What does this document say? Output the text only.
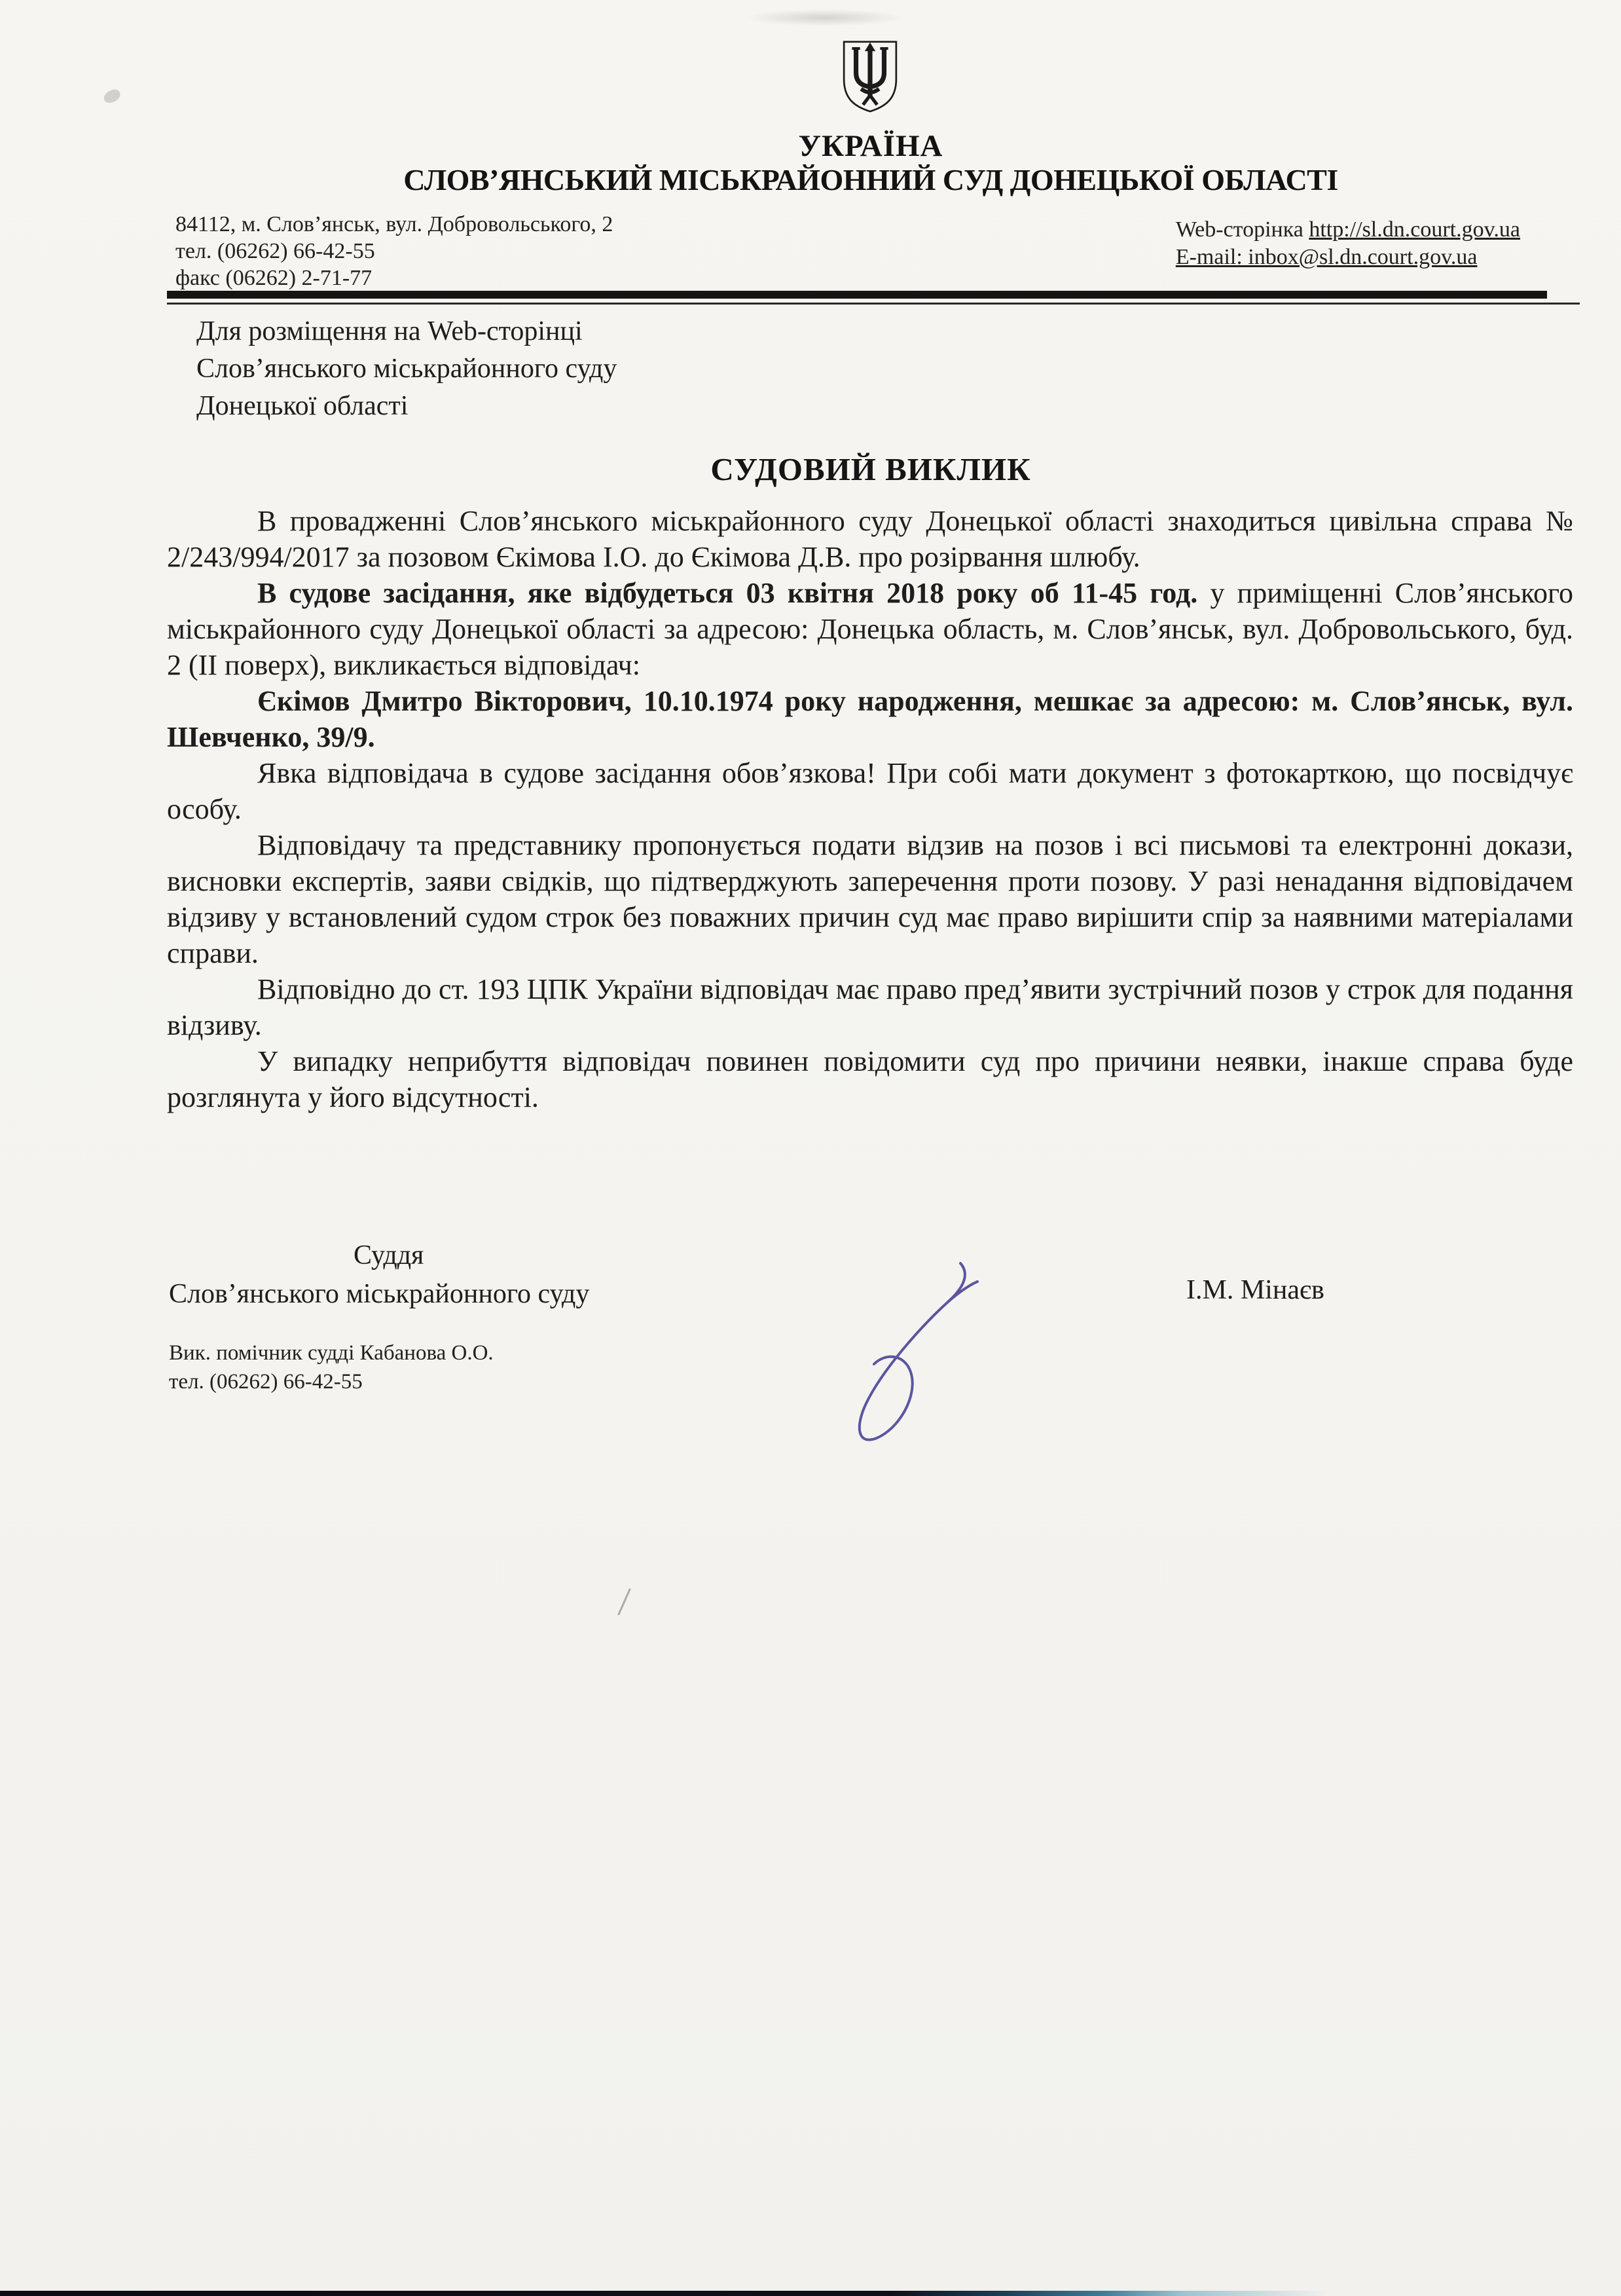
УКРАЇНА
СЛОВ’ЯНСЬКИЙ МІСЬКРАЙОННИЙ СУД ДОНЕЦЬКОЇ ОБЛАСТІ
84112, м. Слов’янськ, вул. Добровольського, 2
тел. (06262) 66-42-55
факс (06262) 2-71-77
Web-сторінка http://sl.dn.court.gov.ua
E-mail: inbox@sl.dn.court.gov.ua
Для розміщення на Web-сторінці
Слов’янського міськрайонного суду
Донецької області
СУДОВИЙ ВИКЛИК

В провадженні Слов’янського міськрайонного суду Донецької області знаходиться цивільна справа № 2/243/994/2017 за позовом Єкімова І.О. до Єкімова Д.В. про розірвання шлюбу.

В судове засідання, яке відбудеться 03 квітня 2018 року об 11-45 год. у приміщенні Слов’янського міськрайонного суду Донецької області за адресою: Донецька область, м. Слов’янськ, вул. Добровольського, буд. 2 (ІІ поверх), викликається відповідач:

Єкімов Дмитро Вікторович, 10.10.1974 року народження, мешкає за адресою: м. Слов’янськ, вул. Шевченко, 39/9.

Явка відповідача в судове засідання обов’язкова! При собі мати документ з фотокарткою, що посвідчує особу.

Відповідачу та представнику пропонується подати відзив на позов і всі письмові та електронні докази, висновки експертів, заяви свідків, що підтверджують заперечення проти позову. У разі ненадання відповідачем відзиву у встановлений судом строк без поважних причин суд має право вирішити спір за наявними матеріалами справи.

Відповідно до ст. 193 ЦПК України відповідач має право пред’явити зустрічний позов у строк для подання відзиву.

У випадку неприбуття відповідач повинен повідомити суд про причини неявки, інакше справа буде розглянута у його відсутності.

Суддя
Слов’янського міськрайонного суду	І.М. Мінаєв
Вик. помічник судді Кабанова О.О.
тел. (06262) 66-42-55
